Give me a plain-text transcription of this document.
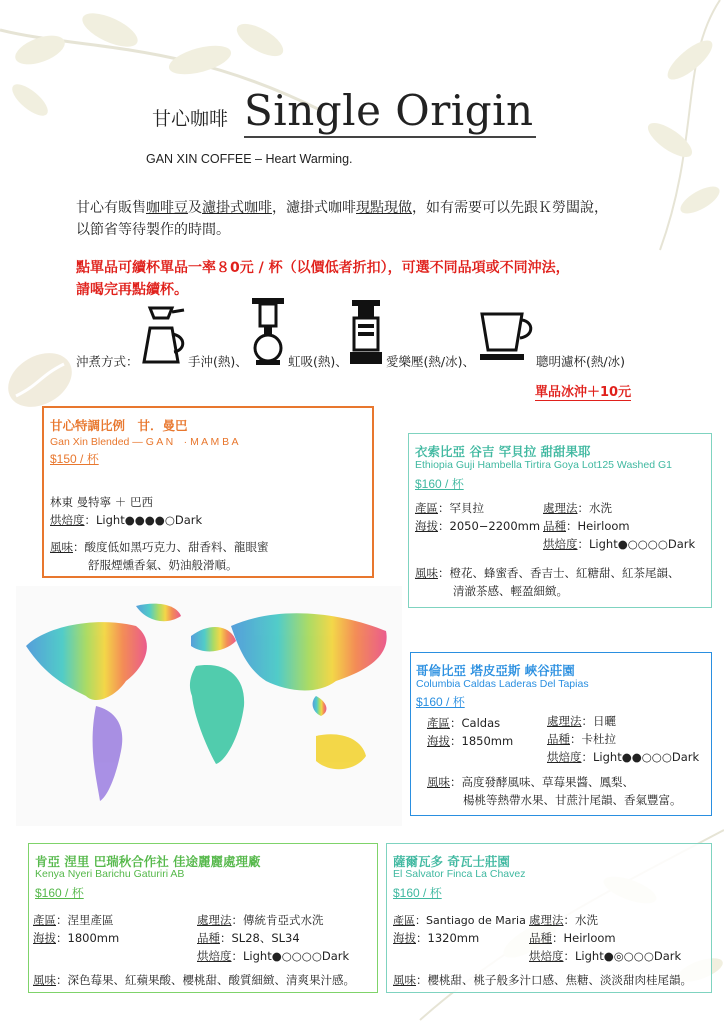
甘心咖啡 Single Origin
GAN XIN COFFEE – Heart Warming.
甘心有販售咖啡豆及濾掛式咖啡，濾掛式咖啡現點現做，如有需要可以先跟Ｋ勞闆說，
以節省等待製作的時間。
點單品可續杯單品一率８0元 / 杯（以價低者折扣），可選不同品項或不同沖法，
請喝完再點續杯。
沖煮方式：	手沖(熱)、	虹吸(熱)、	愛樂壓(熱/冰)、	聰明濾杯(熱/冰)
單品冰沖＋10元
甘心特調比例　甘．曼巴
Gan Xin Blended — G A N　· M A M B A
$150 / 杯
林東 曼特寧 ＋ 巴西
烘焙度：Light●●●●○Dark
風味：酸度低如黑巧克力、甜香料、龍眼蜜
舒服煙燻香氣、奶油般滑順。
衣索比亞 谷吉 罕貝拉 甜甜果耶
Ethiopia Guji Hambella Tirtira Goya Lot125 Washed G1
$160 / 杯
產區：罕貝拉
海拔：2050−2200mm
處理法：水洗
品種：Heirloom
烘焙度：Light●○○○○Dark
風味：橙花、蜂蜜香、香吉士、紅糖甜、紅茶尾韻、
清澈茶感、輕盈細緻。
哥倫比亞 塔皮亞斯 峽谷莊園
Columbia Caldas Laderas Del Tapias
$160 / 杯
產區：Caldas
海拔：1850mm
處理法：日曬
品種：卡杜拉
烘焙度：Light●●○○○Dark
風味：高度發酵風味、草莓果醬、鳳梨、
楊桃等熱帶水果、甘蔗汁尾韻、香氣豐富。
肯亞 涅里 巴瑞秋合作社 佳途麗麗處理廠
Kenya Nyeri Barichu Gaturiri AB
$160 / 杯
產區：涅里產區
海拔：1800mm
處理法：傳統肯亞式水洗
品種：SL28、SL34
烘焙度：Light●○○○○Dark
風味：深色莓果、紅蘋果酸、櫻桃甜、酸質細緻、清爽果汁感。
薩爾瓦多 奇瓦士莊園
El Salvator Finca La Chavez
$160 / 杯
產區：Santiago de Maria
海拔：1320mm
處理法：水洗
品種：Heirloom
烘焙度：Light●◎○○○Dark
風味：櫻桃甜、桃子般多汁口感、焦糖、淡淡甜肉桂尾韻。
